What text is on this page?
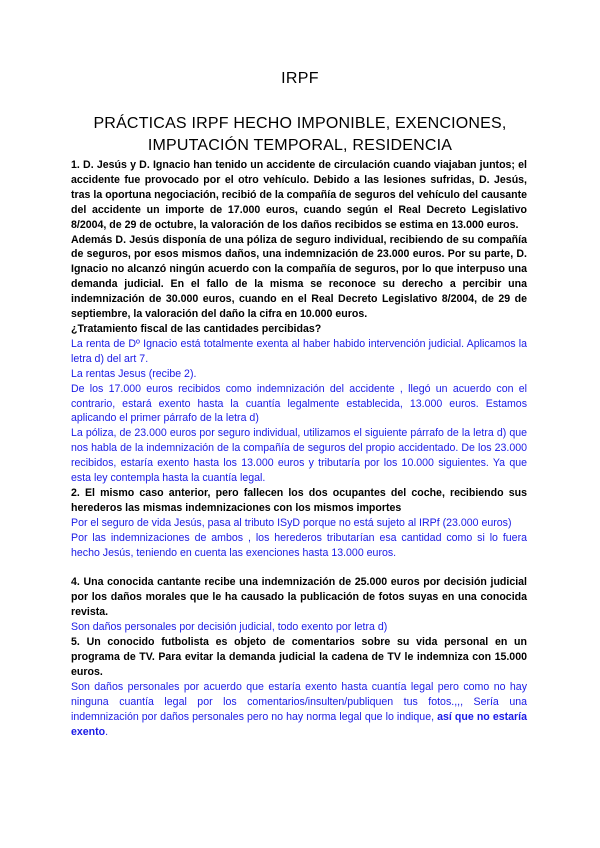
IRPF
PRÁCTICAS IRPF HECHO IMPONIBLE, EXENCIONES, IMPUTACIÓN TEMPORAL, RESIDENCIA

1. D. Jesús y D. Ignacio han tenido un accidente de circulación cuando viajaban juntos; el accidente fue provocado por el otro vehículo. Debido a las lesiones sufridas, D. Jesús, tras la oportuna negociación, recibió de la compañía de seguros del vehículo del causante del accidente un importe de 17.000 euros, cuando según el Real Decreto Legislativo 8/2004, de 29 de octubre, la valoración de los daños recibidos se estima en 13.000 euros.

Además D. Jesús disponía de una póliza de seguro individual, recibiendo de su compañía de seguros, por esos mismos daños, una indemnización de 23.000 euros. Por su parte, D. Ignacio no alcanzó ningún acuerdo con la compañía de seguros, por lo que interpuso una demanda judicial. En el fallo de la misma se reconoce su derecho a percibir una indemnización de 30.000 euros, cuando en el Real Decreto Legislativo 8/2004, de 29 de septiembre, la valoración del daño la cifra en 10.000 euros.

¿Tratamiento fiscal de las cantidades percibidas?

La renta de Dº Ignacio está totalmente exenta al haber habido intervención judicial. Aplicamos la letra d) del art 7.

La rentas Jesus (recibe 2).

De los 17.000 euros recibidos como indemnización del accidente , llegó un acuerdo con el contrario, estará exento hasta la cuantía legalmente establecida, 13.000 euros. Estamos aplicando el primer párrafo de la letra d)

La póliza, de 23.000 euros por seguro individual, utilizamos el siguiente párrafo de la letra d) que nos habla de la indemnización de la compañía de seguros del propio accidentado. De los 23.000 recibidos, estaría exento hasta los 13.000 euros y tributaría por los 10.000 siguientes. Ya que esta ley contempla hasta la cuantía legal.

2. El mismo caso anterior, pero fallecen los dos ocupantes del coche, recibiendo sus herederos las mismas indemnizaciones con los mismos importes

Por el seguro de vida Jesús, pasa al tributo ISyD porque no está sujeto al IRPf (23.000 euros)

Por las indemnizaciones de ambos , los herederos tributarían esa cantidad como si lo fuera hecho Jesús, teniendo en cuenta las exenciones hasta 13.000 euros.

4. Una conocida cantante recibe una indemnización de 25.000 euros por decisión judicial por los daños morales que le ha causado la publicación de fotos suyas en una conocida revista.

Son daños personales por decisión judicial, todo exento por letra d)

5. Un conocido futbolista es objeto de comentarios sobre su vida personal en un programa de TV. Para evitar la demanda judicial la cadena de TV le indemniza con 15.000 euros.

Son daños personales por acuerdo que estaría exento hasta cuantía legal pero como no hay ninguna cuantía legal por los comentarios/insulten/publiquen tus fotos.,,, Sería una indemnización por daños personales pero no hay norma legal que lo indique, así que no estaría exento.
